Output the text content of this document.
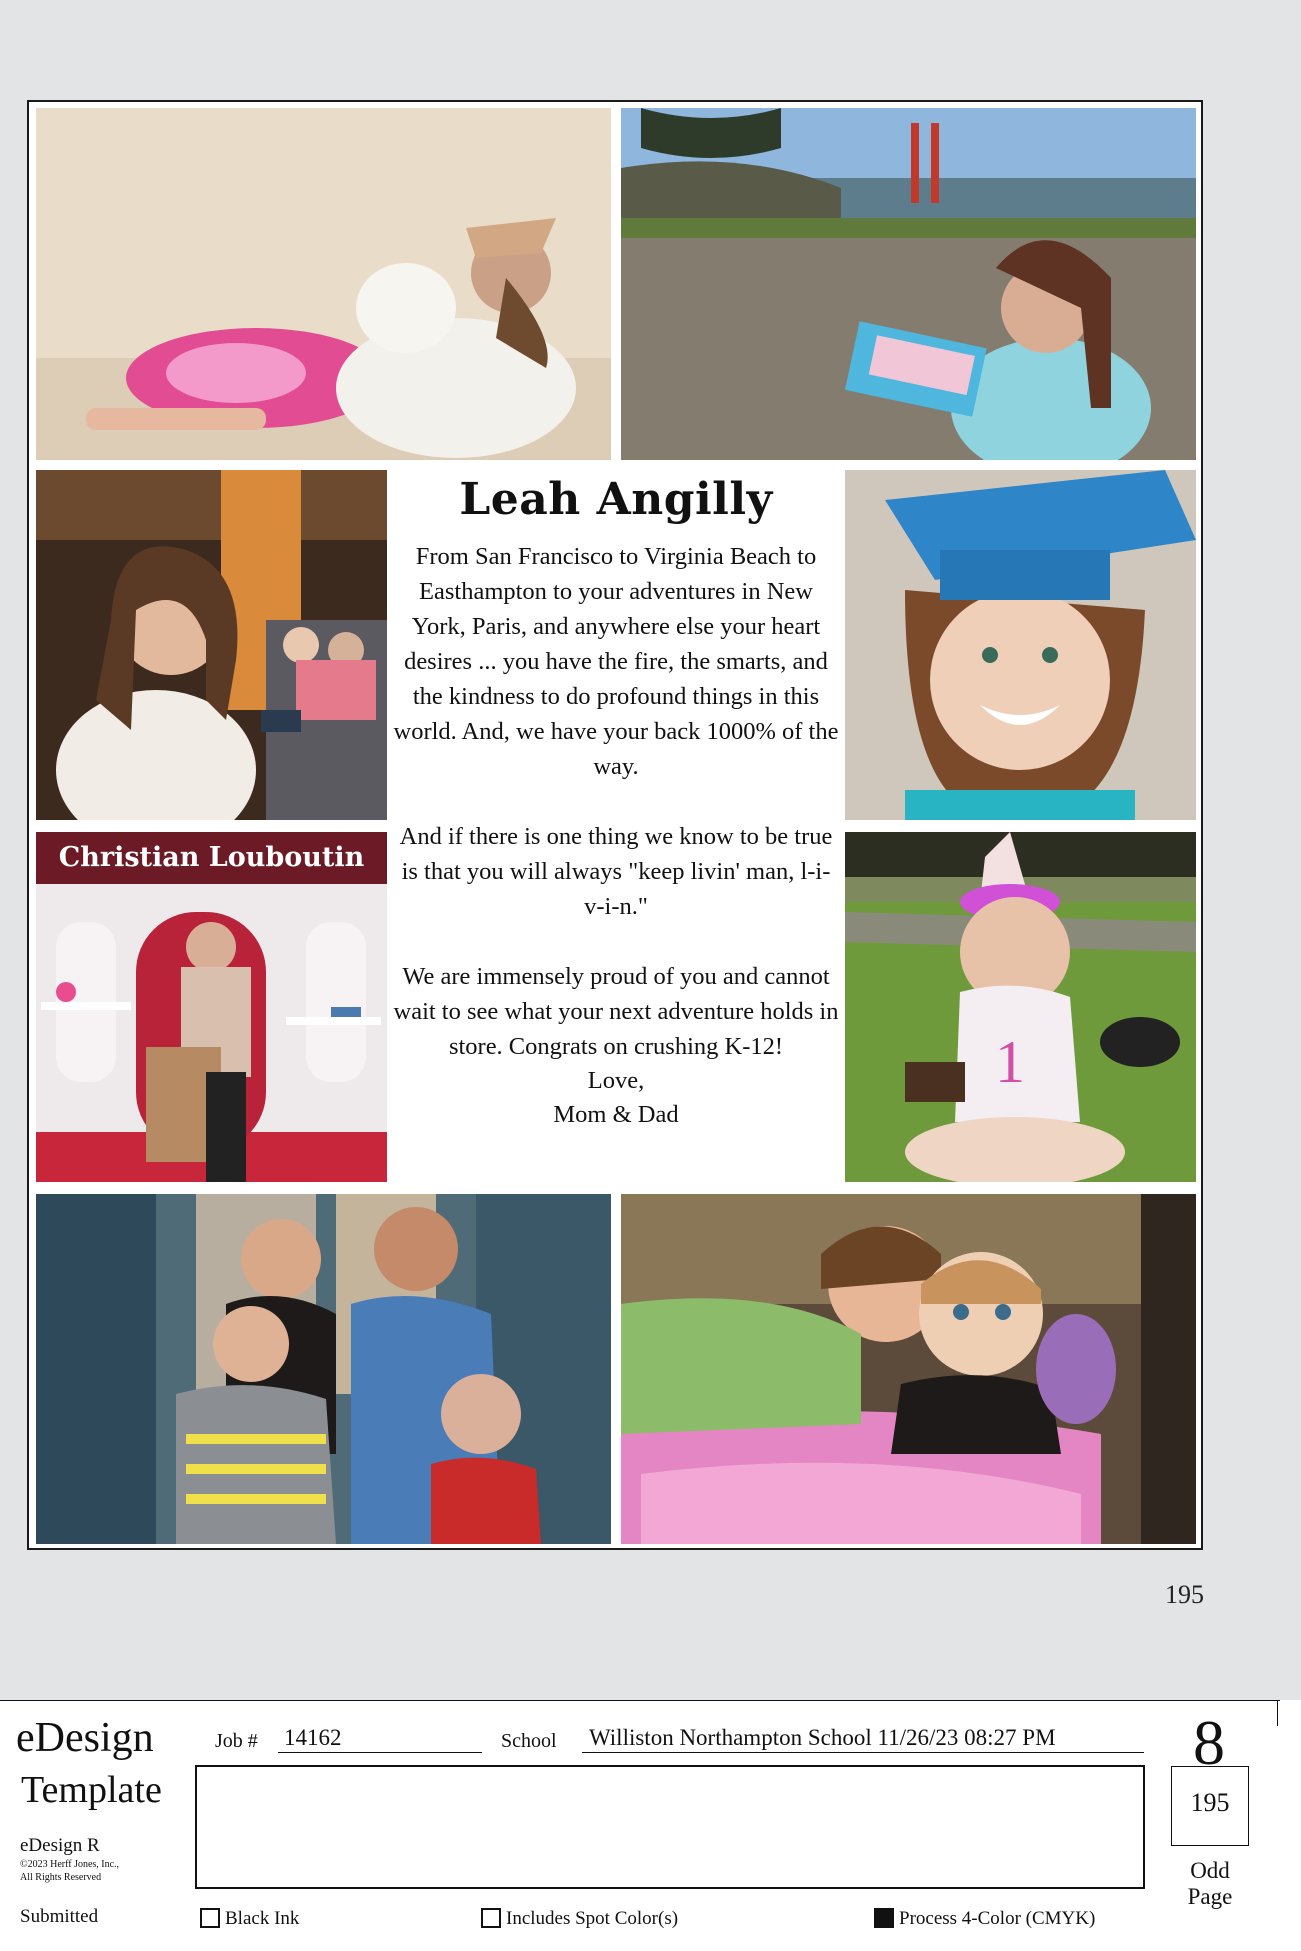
Leah Angilly

From San Francisco to Virginia Beach to Easthampton to your adventures in New York, Paris, and anywhere else your heart desires ... you have the fire, the smarts, and the kindness to do profound things in this world. And, we have your back 1000% of the way.

And if there is one thing we know to be true is that you will always "keep livin' man, l-i-v-i-n."

We are immensely proud of you and cannot wait to see what your next adventure holds in store. Congrats on crushing K-12!

Love,
Mom & Dad
Christian Louboutin
1
195
eDesign
Template
eDesign R
©2023 Herff Jones, Inc.,
All Rights Reserved
Submitted
Job # 14162	School Williston Northampton School 11/26/23 08:27 PM 8
195
Odd
Page
Black Ink	Includes Spot Color(s)	Process 4-Color (CMYK)
